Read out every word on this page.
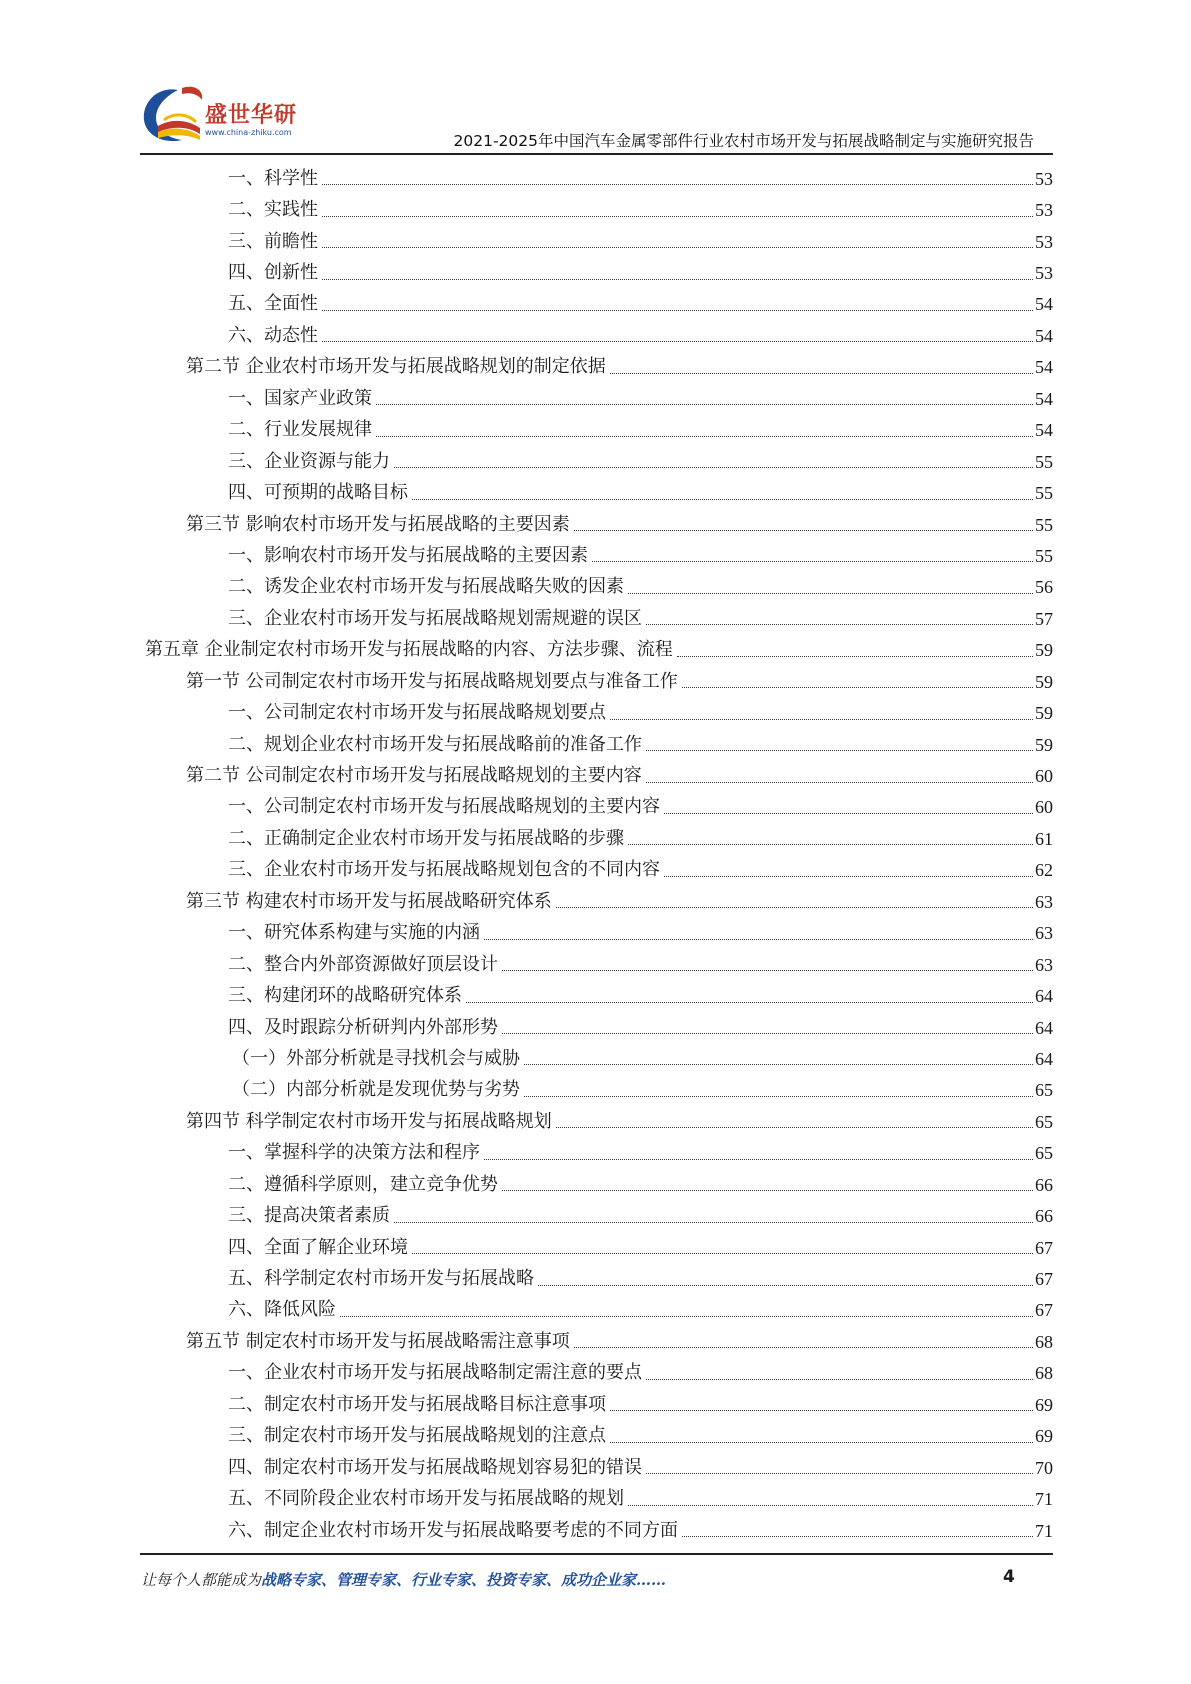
盛世华研
www.china-zhiku.com	2021-2025年中国汽车金属零部件行业农村市场开发与拓展战略制定与实施研究报告
一、科学性	53
二、实践性	53
三、前瞻性	53
四、创新性	53
五、全面性	54
六、动态性	54
第二节 企业农村市场开发与拓展战略规划的制定依据	54
一、国家产业政策	54
二、行业发展规律	54
三、企业资源与能力	55
四、可预期的战略目标	55
第三节 影响农村市场开发与拓展战略的主要因素	55
一、影响农村市场开发与拓展战略的主要因素	55
二、诱发企业农村市场开发与拓展战略失败的因素	56
三、企业农村市场开发与拓展战略规划需规避的误区	57
第五章 企业制定农村市场开发与拓展战略的内容、方法步骤、流程	59
第一节 公司制定农村市场开发与拓展战略规划要点与准备工作	59
一、公司制定农村市场开发与拓展战略规划要点	59
二、规划企业农村市场开发与拓展战略前的准备工作	59
第二节 公司制定农村市场开发与拓展战略规划的主要内容	60
一、公司制定农村市场开发与拓展战略规划的主要内容	60
二、正确制定企业农村市场开发与拓展战略的步骤	61
三、企业农村市场开发与拓展战略规划包含的不同内容	62
第三节 构建农村市场开发与拓展战略研究体系	63
一、研究体系构建与实施的内涵	63
二、整合内外部资源做好顶层设计	63
三、构建闭环的战略研究体系	64
四、及时跟踪分析研判内外部形势	64
（一）外部分析就是寻找机会与威胁	64
（二）内部分析就是发现优势与劣势	65
第四节 科学制定农村市场开发与拓展战略规划	65
一、掌握科学的决策方法和程序	65
二、遵循科学原则，建立竞争优势	66
三、提高决策者素质	66
四、全面了解企业环境	67
五、科学制定农村市场开发与拓展战略	67
六、降低风险	67
第五节 制定农村市场开发与拓展战略需注意事项	68
一、企业农村市场开发与拓展战略制定需注意的要点	68
二、制定农村市场开发与拓展战略目标注意事项	69
三、制定农村市场开发与拓展战略规划的注意点	69
四、制定农村市场开发与拓展战略规划容易犯的错误	70
五、不同阶段企业农村市场开发与拓展战略的规划	71
六、制定企业农村市场开发与拓展战略要考虑的不同方面	71
让每个人都能成为战略专家、管理专家、行业专家、投资专家、成功企业家……	4
